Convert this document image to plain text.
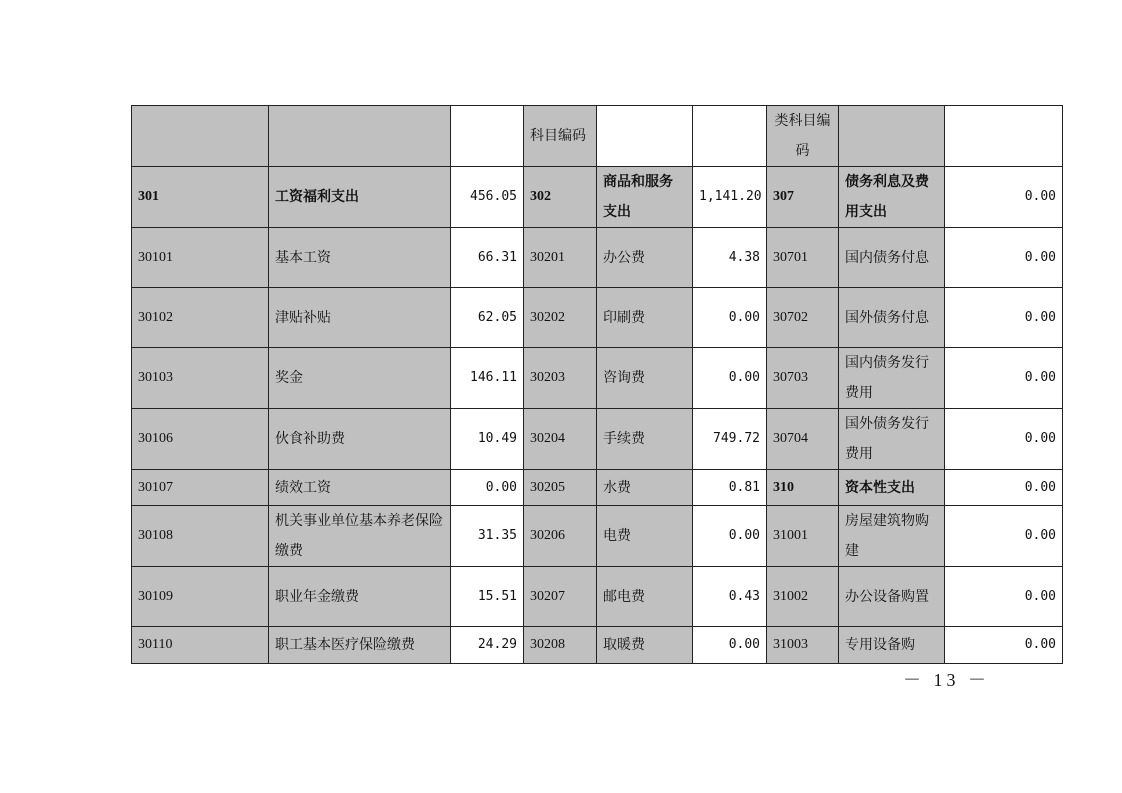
			科目编码			类科目编码		
301	工资福利支出	456.05	302	商品和服务支出	1,141.20	307	债务利息及费用支出	0.00
30101	基本工资	66.31	30201	办公费	4.38	30701	国内债务付息	0.00
30102	津贴补贴	62.05	30202	印刷费	0.00	30702	国外债务付息	0.00
30103	奖金	146.11	30203	咨询费	0.00	30703	国内债务发行费用	0.00
30106	伙食补助费	10.49	30204	手续费	749.72	30704	国外债务发行费用	0.00
30107	绩效工资	0.00	30205	水费	0.81	310	资本性支出	0.00
30108	机关事业单位基本养老保险缴费	31.35	30206	电费	0.00	31001	房屋建筑物购建	0.00
30109	职业年金缴费	15.51	30207	邮电费	0.43	31002	办公设备购置	0.00
30110	职工基本医疗保险缴费	24.29	30208	取暖费	0.00	31003	专用设备购	0.00
－ 13 －
